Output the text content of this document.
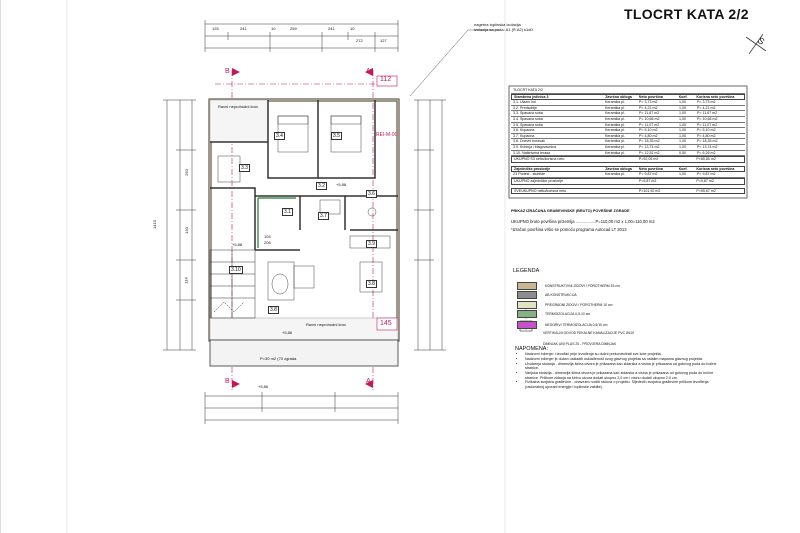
TLOCRT KATA 2/2
nagetna toplinska izolacija
izolacija sa poda: A1 (R A2) s1d0
S
B	A
B	A
112
145
REI-M-90
Ravni neprohodni krov
Ravni neprohodni krov
P=30 m2 (70 zgrada
+5,88
+5,88
+5,86
+5,86
104
206
3.4	3.5
3.3
3.2
3.6
3.7
3.1
3.10
3.9
3.8
3.8
125	241	10	259	241	10
272	127
1410
250
130
114
TLOCRT KATA 2/2
Stambena jedinica 3	Završna obloga	Neto površina	Koef.	Korisna neto površina
3.1. Ulazni hol	Keramika pl.	P= 3,73 m2	1,00	P= 3,73 m2
3.2. Predsoblje	Keramika pl.	P= 4,21 m2	1,00	P= 4,21 m2
3.3. Spavaća soba	Keramika pl.	P= 11,67 m2	1,00	P= 11,67 m2
3.4. Spavaća soba	Keramika pl.	P= 10,66 m2	1,00	P= 10,66 m2
3.5. Spavaća soba	Keramika pl.	P= 11,07 m2	1,00	P= 11,07 m2
3.6. Kupaona	Keramika pl.	P= 5,10 m2	1,00	P= 5,10 m2
3.7. Kupaona	Keramika pl.	P= 4,80 m2	1,00	P= 4,80 m2
3.8. Dnevni boravak	Keramika pl.	P= 18,35 m2	1,00	P= 18,35 m2
3.9. Kuhinja i blagovaonica	Keramika pl.	P= 13,74 m2	1,00	P= 13,74 m2
3.10. Natkrivena terasa	Keramika pl.	P= 12,51 m2	0,50	P= 6,26 m2
UKUPNO S3 netto/korisna neto	P=92,05 m2	P=85,80 m2
Zajedničke prostorije	Završna obloga	Neto površina	Koef.	Korisna neto površina
Z3 Podest - stubište	Keramika pl.	P= 9,87 m2	1,00	P= 9,87 m2
UKUPNO zajedničke prostorije	P=9,87 m2	P=9,87 m2
SVEUKUPNO netto/korisna neto	P=101,92 m2	P=95,67 m2
PRIKAZ IZRAČUNA GRAĐEVINSKE (BRUTO) POVRŠINE ZGRADE
UKUPNO bruto površina prizemlja .................P=110,00 m2 x 1,00=110,00 m2
*Izračun površina vršio se pomoću programa Autocad LT 2013
LEGENDA
KONSTRUKTIVNI ZIDOVI / POROTHERM 25 cm
AB KONSTRUKCIJA
PREGRADNI ZIDOVI / POROTHERM 10 cm
TERMOIZOLACIJA 0,5-10 cm
NEGORIVI TERMOIZOLACIJA 0,5/10 cm
VERTIKALNI ODVOD FEKALNE KANALIZACIJE PVC Ø110
DIMNJAK UNI PLUS 20 - PROVJERA DIMNJAK
NAPOMENA:
• Nadzorni inženjer i izvođač prije izvođenja su dužni prekontrolirati sve kote projekta.
• Nadzorni inženjer je dužan uskladiti usklađenost ovog glavnog projekta sa ostalim mapama glavnog projekta.
• Unutarnja stolarija - dimenzija širina otvora je prikazana kao zidarska a visina je prikazana od gotovog poda do bočne stranice.
• Vanjska stolarija - dimenzija širina otvora je prikazana kao zidarska a visina je prikazana od gotovog poda do bočne stranice. Prilikom zidanja na širinu otvora dodati ukupno 2,0 cm i visinu dodati ukupno 2,0 cm.
• Fizikalna svojstva građevine - obavezno voditi računa o projektu. Sljedećih svojstva građevine prilikom izvođenja (racionalnoj uporabi energije i toplinske zaštite).
